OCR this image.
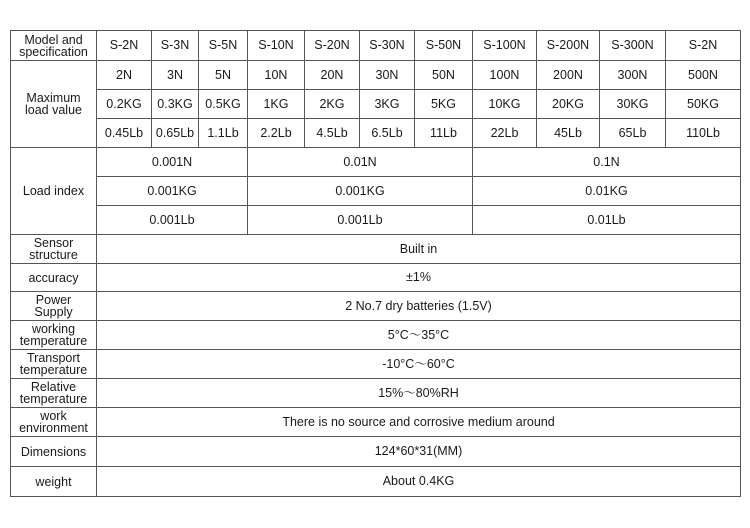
Model and
specification	S-2N	S-3N	S-5N	S-10N	S-20N	S-30N	S-50N	S-100N	S-200N	S-300N	S-2N
Maximum
load value	2N	3N	5N	10N	20N	30N	50N	100N	200N	300N	500N
	0.2KG	0.3KG	0.5KG	1KG	2KG	3KG	5KG	10KG	20KG	30KG	50KG
	0.45Lb	0.65Lb	1.1Lb	2.2Lb	4.5Lb	6.5Lb	11Lb	22Lb	45Lb	65Lb	110Lb
Load index	0.001N			0.01N				0.1N			
	0.001KG			0.001KG				0.01KG			
	0.001Lb			0.001Lb				0.01Lb			
Sensor
structure	Built in										
accuracy	±1%										
Power
Supply	2 No.7 dry batteries (1.5V)										
working
temperature	5°C～35°C										
Transport
temperature	-10°C～60°C										
Relative
temperature	15%～80%RH										
work
environment	There is no source and corrosive medium around										
Dimensions	124*60*31(MM)										
weight	About 0.4KG										
